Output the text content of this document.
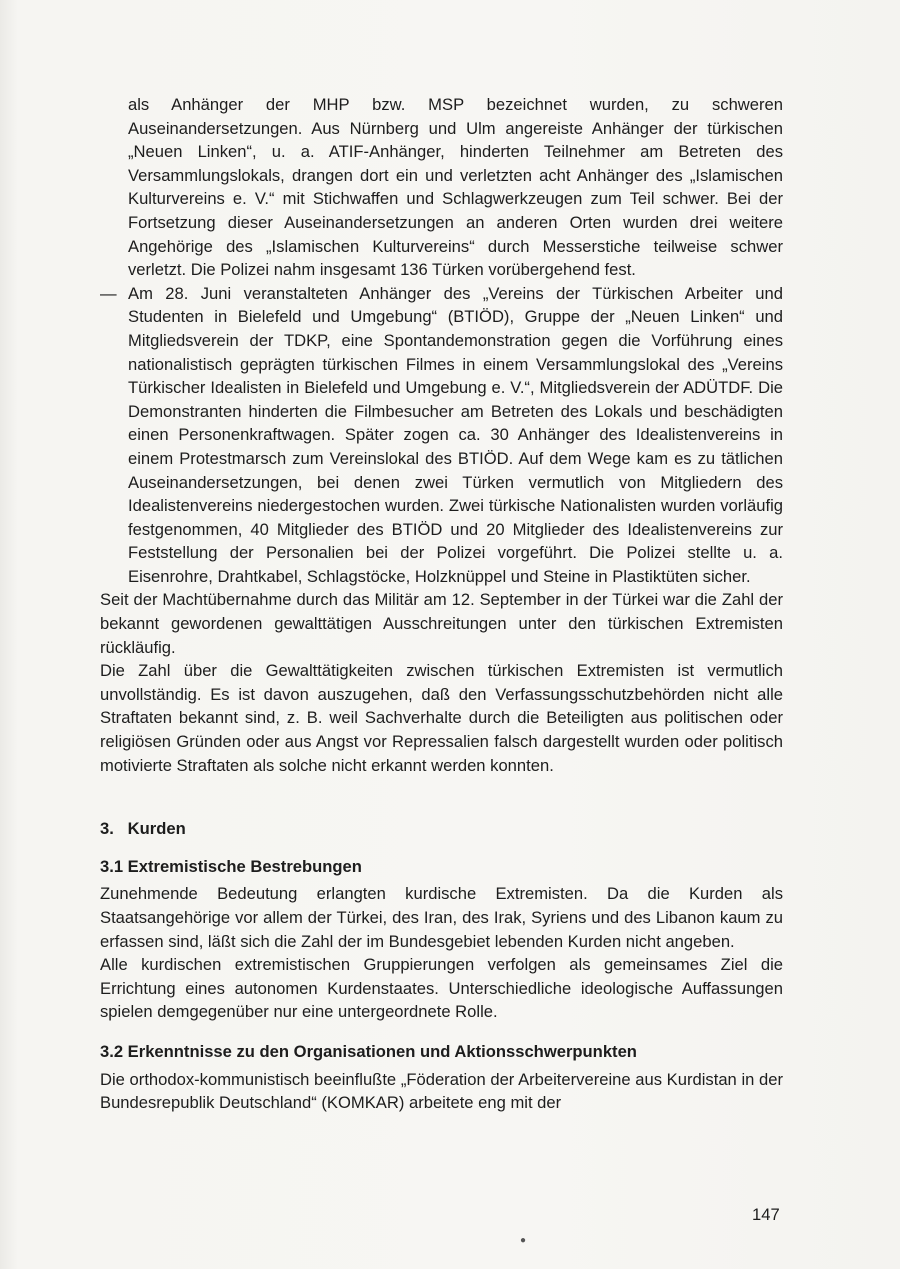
als Anhänger der MHP bzw. MSP bezeichnet wurden, zu schweren Auseinandersetzungen. Aus Nürnberg und Ulm angereiste Anhänger der türkischen „Neuen Linken“, u. a. ATIF-Anhänger, hinderten Teilnehmer am Betreten des Versammlungslokals, drangen dort ein und verletzten acht Anhänger des „Islamischen Kulturvereins e. V.“ mit Stichwaffen und Schlagwerkzeugen zum Teil schwer. Bei der Fortsetzung dieser Auseinandersetzungen an anderen Orten wurden drei weitere Angehörige des „Islamischen Kulturvereins“ durch Messerstiche teilweise schwer verletzt. Die Polizei nahm insgesamt 136 Türken vorübergehend fest.

— Am 28. Juni veranstalteten Anhänger des „Vereins der Türkischen Arbeiter und Studenten in Bielefeld und Umgebung“ (BTIÖD), Gruppe der „Neuen Linken“ und Mitgliedsverein der TDKP, eine Spontandemonstration gegen die Vorführung eines nationalistisch geprägten türkischen Filmes in einem Versammlungslokal des „Vereins Türkischer Idealisten in Bielefeld und Umgebung e. V.“, Mitgliedsverein der ADÜTDF. Die Demonstranten hinderten die Filmbesucher am Betreten des Lokals und beschädigten einen Personenkraftwagen. Später zogen ca. 30 Anhänger des Idealistenvereins in einem Protestmarsch zum Vereinslokal des BTIÖD. Auf dem Wege kam es zu tätlichen Auseinandersetzungen, bei denen zwei Türken vermutlich von Mitgliedern des Idealistenvereins niedergestochen wurden. Zwei türkische Nationalisten wurden vorläufig festgenommen, 40 Mitglieder des BTIÖD und 20 Mitglieder des Idealistenvereins zur Feststellung der Personalien bei der Polizei vorgeführt. Die Polizei stellte u. a. Eisenrohre, Drahtkabel, Schlagstöcke, Holzknüppel und Steine in Plastiktüten sicher.

Seit der Machtübernahme durch das Militär am 12. September in der Türkei war die Zahl der bekannt gewordenen gewalttätigen Ausschreitungen unter den türkischen Extremisten rückläufig.

Die Zahl über die Gewalttätigkeiten zwischen türkischen Extremisten ist vermutlich unvollständig. Es ist davon auszugehen, daß den Verfassungsschutzbehörden nicht alle Straftaten bekannt sind, z. B. weil Sachverhalte durch die Beteiligten aus politischen oder religiösen Gründen oder aus Angst vor Repressalien falsch dargestellt wurden oder politisch motivierte Straftaten als solche nicht erkannt werden konnten.

3.   Kurden
3.1 Extremistische Bestrebungen

Zunehmende Bedeutung erlangten kurdische Extremisten. Da die Kurden als Staatsangehörige vor allem der Türkei, des Iran, des Irak, Syriens und des Libanon kaum zu erfassen sind, läßt sich die Zahl der im Bundesgebiet lebenden Kurden nicht angeben.

Alle kurdischen extremistischen Gruppierungen verfolgen als gemeinsames Ziel die Errichtung eines autonomen Kurdenstaates. Unterschiedliche ideologische Auffassungen spielen demgegenüber nur eine untergeordnete Rolle.

3.2 Erkenntnisse zu den Organisationen und Aktionsschwerpunkten

Die orthodox-kommunistisch beeinflußte „Föderation der Arbeitervereine aus Kurdistan in der Bundesrepublik Deutschland“ (KOMKAR) arbeitete eng mit der

147
●
